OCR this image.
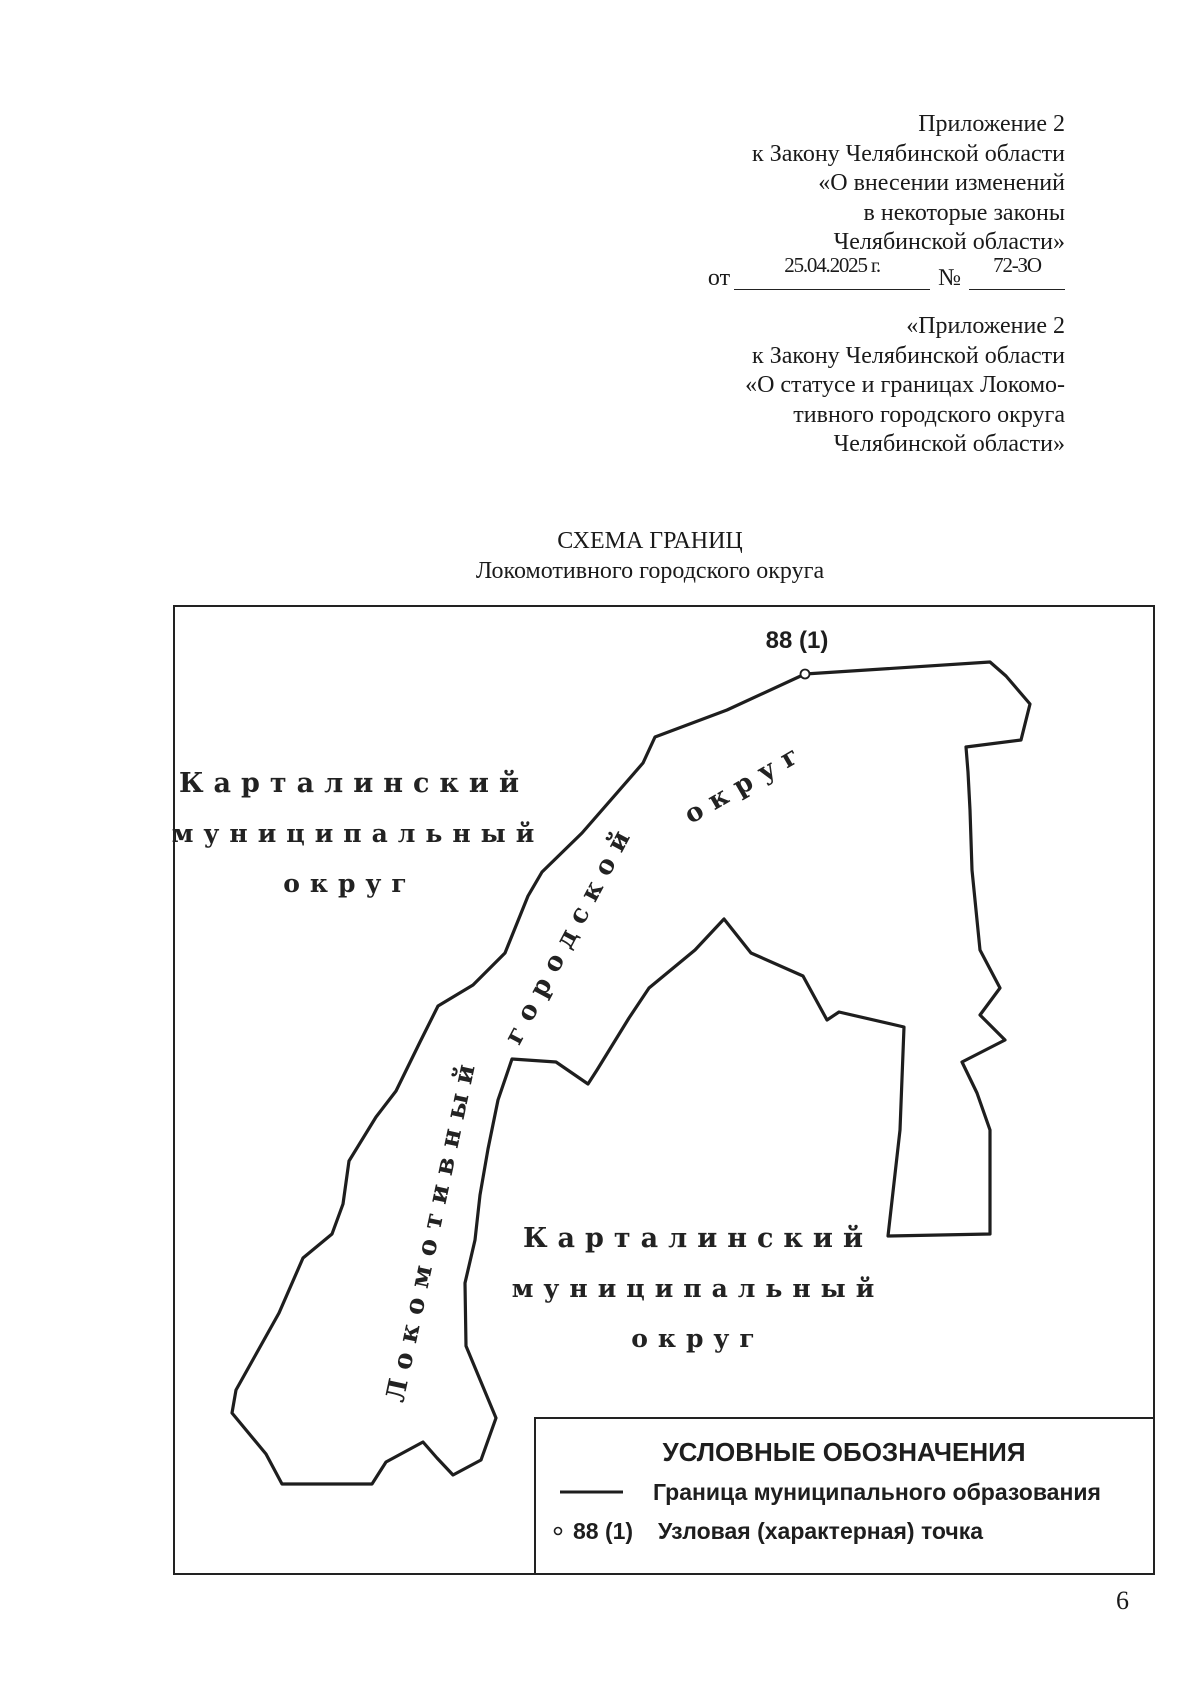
Приложение 2
к Закону Челябинской области
«О внесении изменений
в некоторые законы
Челябинской области»
от	25.04.2025 г.	№	72-ЗО
«Приложение 2
к Закону Челябинской области
«О статусе и границах Локомо-
тивного городского округа
Челябинской области»
СХЕМА ГРАНИЦ
Локомотивного городского округа
88 (1)
Карталинский
муниципальный
округ
Карталинский
муниципальный
округ
Локомотивный
городской
округ
УСЛОВНЫЕ ОБОЗНАЧЕНИЯ
Граница муниципального образования
88 (1) Узловая (характерная) точка
6
